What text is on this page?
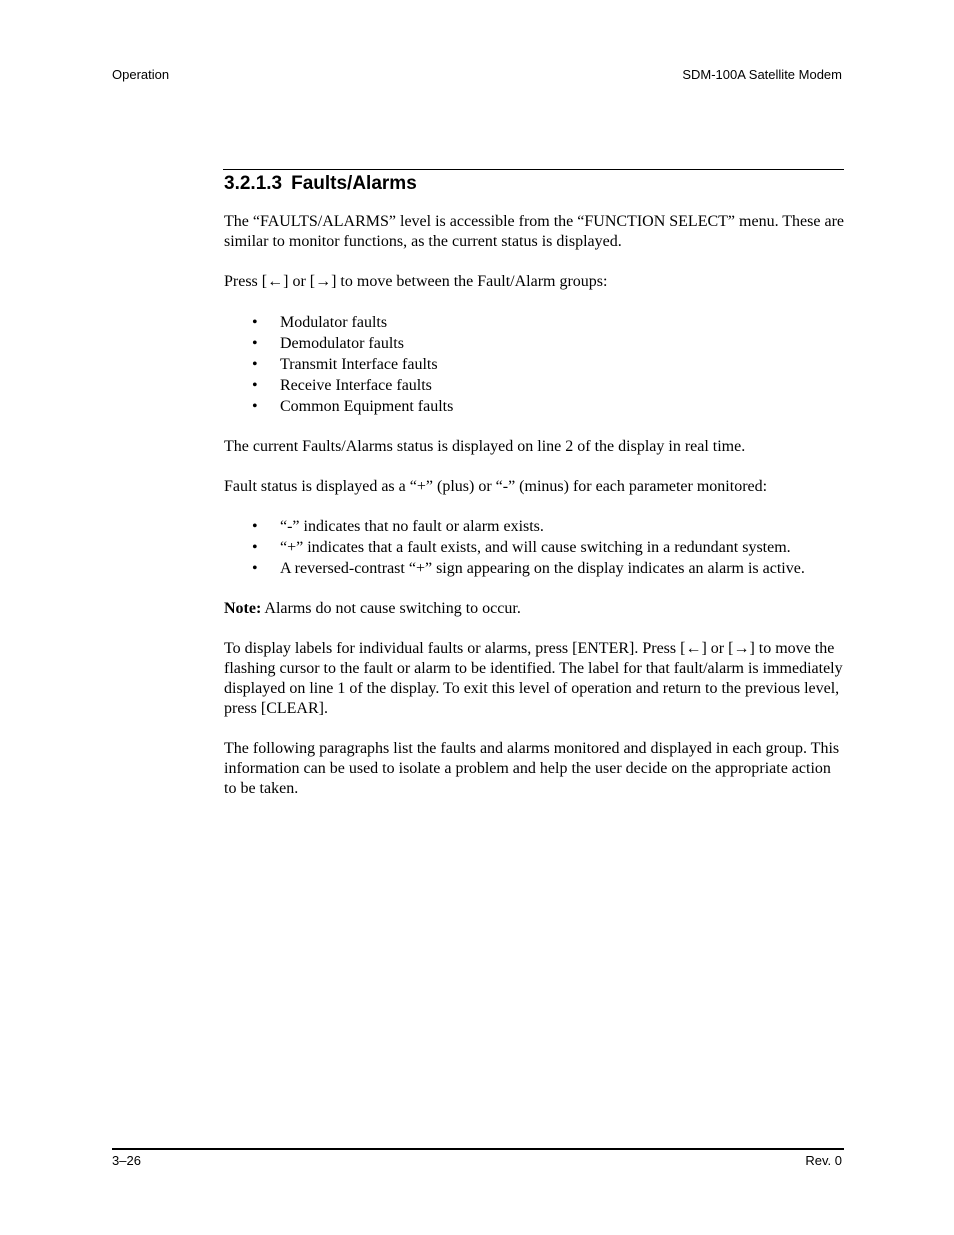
Operation	SDM-100A Satellite Modem
3.2.1.3 Faults/Alarms

The “FAULTS/ALARMS” level is accessible from the “FUNCTION SELECT” menu. These are similar to monitor functions, as the current status is displayed.

Press [←] or [→] to move between the Fault/Alarm groups:

• Modulator faults
• Demodulator faults
• Transmit Interface faults
• Receive Interface faults
• Common Equipment faults

The current Faults/Alarms status is displayed on line 2 of the display in real time.

Fault status is displayed as a “+” (plus) or “-” (minus) for each parameter monitored:

• “-” indicates that no fault or alarm exists.
• “+” indicates that a fault exists, and will cause switching in a redundant system.
• A reversed-contrast “+” sign appearing on the display indicates an alarm is active.

Note: Alarms do not cause switching to occur.

To display labels for individual faults or alarms, press [ENTER]. Press [←] or [→] to move the flashing cursor to the fault or alarm to be identified. The label for that fault/alarm is immediately displayed on line 1 of the display. To exit this level of operation and return to the previous level, press [CLEAR].

The following paragraphs list the faults and alarms monitored and displayed in each group. This information can be used to isolate a problem and help the user decide on the appropriate action to be taken.

3–26	Rev. 0
